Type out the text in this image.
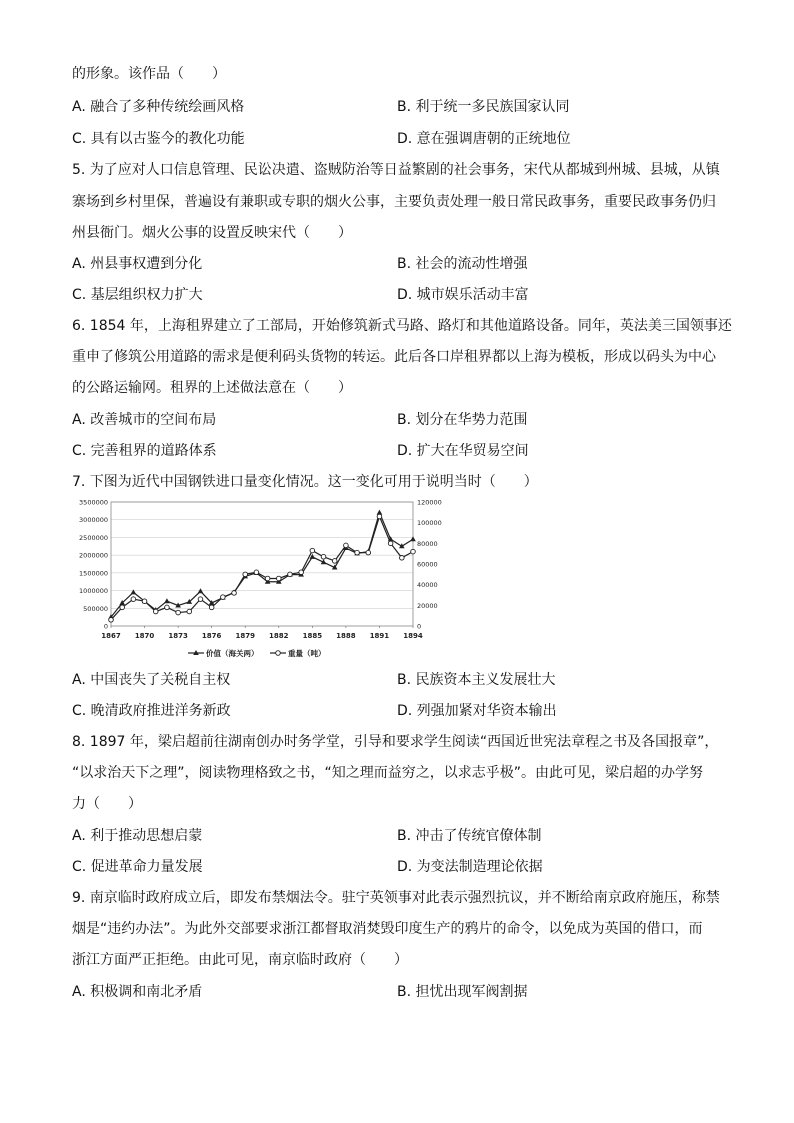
的形象。该作品（　　）
A. 融合了多种传统绘画风格	B. 利于统一多民族国家认同
C. 具有以古鉴今的教化功能	D. 意在强调唐朝的正统地位
5. 为了应对人口信息管理、民讼决遣、盗贼防治等日益繁剧的社会事务，宋代从都城到州城、县城，从镇
寨场到乡村里保，普遍设有兼职或专职的烟火公事，主要负责处理一般日常民政事务，重要民政事务仍归
州县衙门。烟火公事的设置反映宋代（　　）
A. 州县事权遭到分化	B. 社会的流动性增强
C. 基层组织权力扩大	D. 城市娱乐活动丰富
6. 1854 年，上海租界建立了工部局，开始修筑新式马路、路灯和其他道路设备。同年，英法美三国领事还
重申了修筑公用道路的需求是便利码头货物的转运。此后各口岸租界都以上海为模板，形成以码头为中心
的公路运输网。租界的上述做法意在（　　）
A. 改善城市的空间布局	B. 划分在华势力范围
C. 完善租界的道路体系	D. 扩大在华贸易空间
7. 下图为近代中国钢铁进口量变化情况。这一变化可用于说明当时（　　）
0
500000
1000000
1500000
2000000
2500000
3000000
3500000
0
20000
40000
60000
80000
100000
120000
1867 1870 1873 1876 1879 1882 1885 1888 1891 1894
价值（海关两）	重量（吨）
A. 中国丧失了关税自主权	B. 民族资本主义发展壮大
C. 晚清政府推进洋务新政	D. 列强加紧对华资本输出
8. 1897 年，梁启超前往湖南创办时务学堂，引导和要求学生阅读“西国近世宪法章程之书及各国报章”，
“以求治天下之理”，阅读物理格致之书，“知之理而益穷之，以求志乎极”。由此可见，梁启超的办学努
力（　　）
A. 利于推动思想启蒙	B. 冲击了传统官僚体制
C. 促进革命力量发展	D. 为变法制造理论依据
9. 南京临时政府成立后，即发布禁烟法令。驻宁英领事对此表示强烈抗议，并不断给南京政府施压，称禁
烟是“违约办法”。为此外交部要求浙江都督取消焚毁印度生产的鸦片的命令，以免成为英国的借口，而
浙江方面严正拒绝。由此可见，南京临时政府（　　）
A. 积极调和南北矛盾	B. 担忧出现军阀割据
